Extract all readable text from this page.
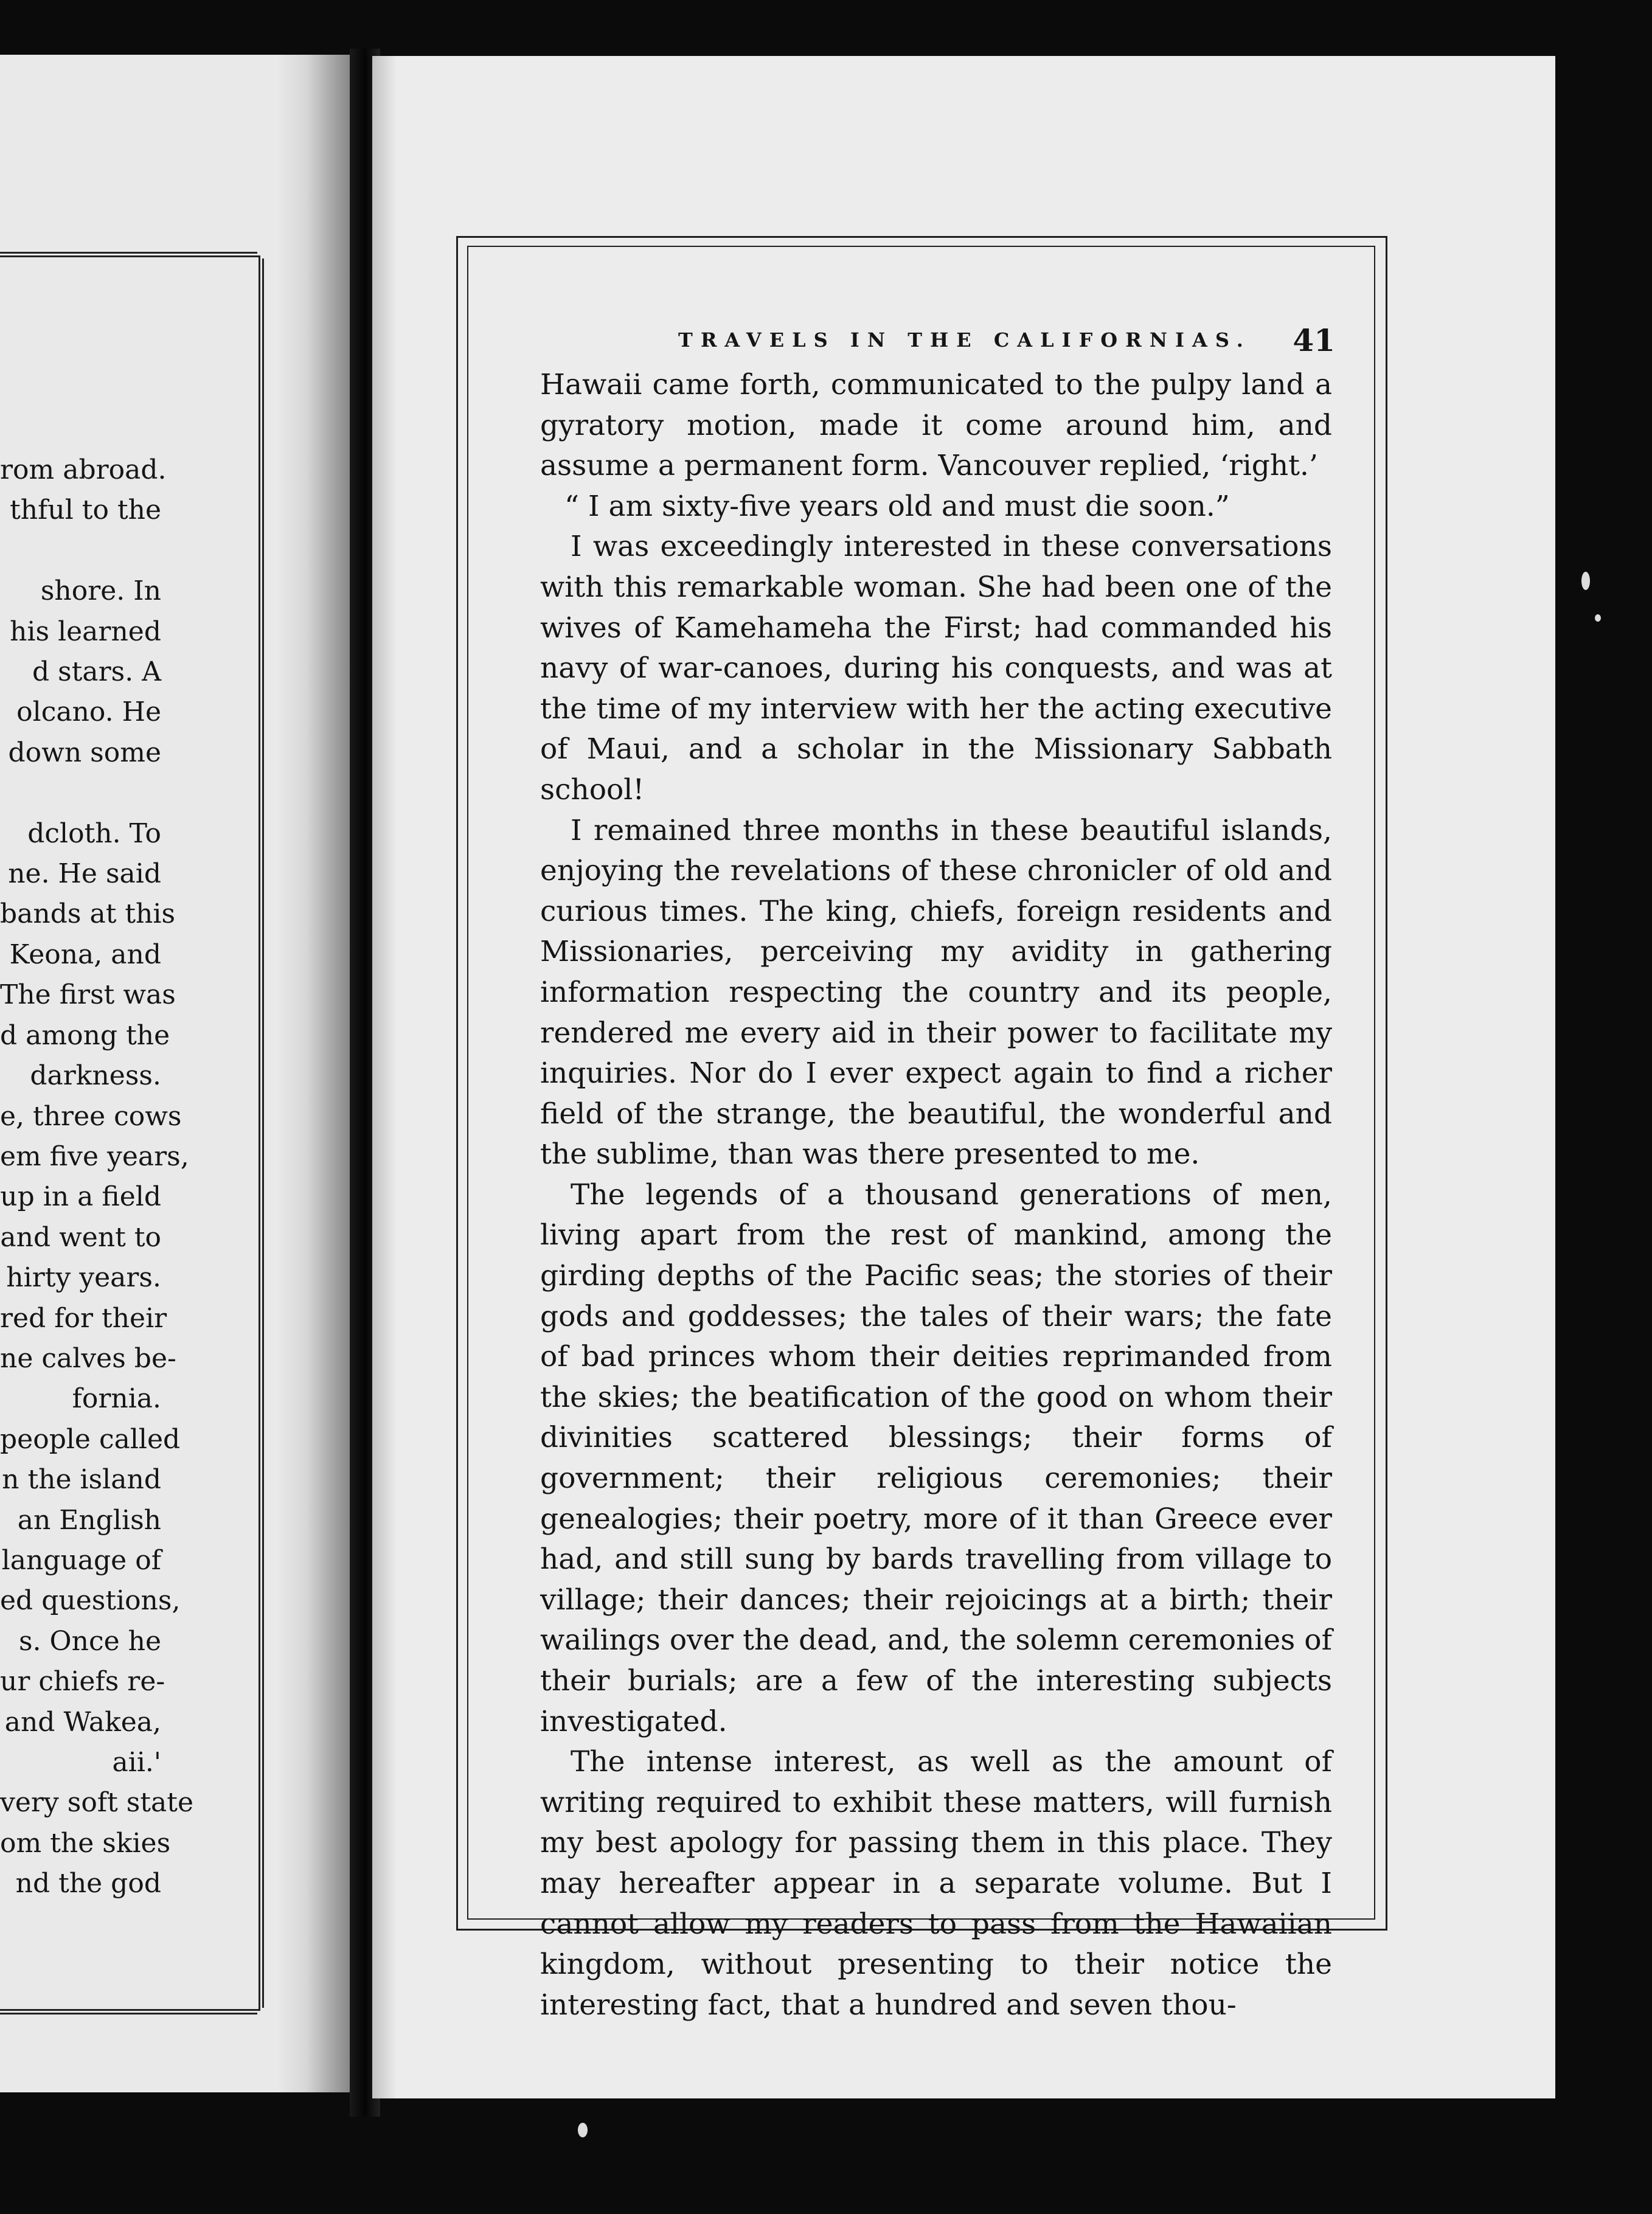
rom abroad.
thful to the

shore. In
his learned
d stars. A
olcano. He
down some

dcloth. To
ne. He said
bands at this
Keona, and
The first was
d among the
darkness.
e, three cows
em five years,
up in a field
and went to
hirty years.
red for their
ne calves be-
fornia.
people called
n the island
an English
language of
ed questions,
s. Once he
ur chiefs re-
and Wakea,
aii.'
very soft state
om the skies
nd the god
TRAVELS IN THE CALIFORNIAS. 41

Hawaii came forth, communicated to the pulpy land a gyratory motion, made it come around him, and assume a permanent form. Vancouver replied, ‘right.’

“ I am sixty-five years old and must die soon.”

I was exceedingly interested in these conversations with this remarkable woman. She had been one of the wives of Kamehameha the First; had commanded his navy of war-canoes, during his conquests, and was at the time of my interview with her the acting executive of Maui, and a scholar in the Missionary Sabbath school!

I remained three months in these beautiful islands, enjoying the revelations of these chronicler of old and curious times. The king, chiefs, foreign residents and Missionaries, perceiving my avidity in gathering information respecting the country and its people, rendered me every aid in their power to facilitate my inquiries. Nor do I ever expect again to find a richer field of the strange, the beautiful, the wonderful and the sublime, than was there presented to me.

The legends of a thousand generations of men, living apart from the rest of mankind, among the girding depths of the Pacific seas; the stories of their gods and goddesses; the tales of their wars; the fate of bad princes whom their deities reprimanded from the skies; the beatification of the good on whom their divinities scattered blessings; their forms of government; their religious ceremonies; their genealogies; their poetry, more of it than Greece ever had, and still sung by bards travelling from village to village; their dances; their rejoicings at a birth; their wailings over the dead, and, the solemn ceremonies of their burials; are a few of the interesting subjects investigated.

The intense interest, as well as the amount of writing required to exhibit these matters, will furnish my best apology for passing them in this place. They may hereafter appear in a separate volume. But I cannot allow my readers to pass from the Hawaiian kingdom, without presenting to their notice the interesting fact, that a hundred and seven thou-
